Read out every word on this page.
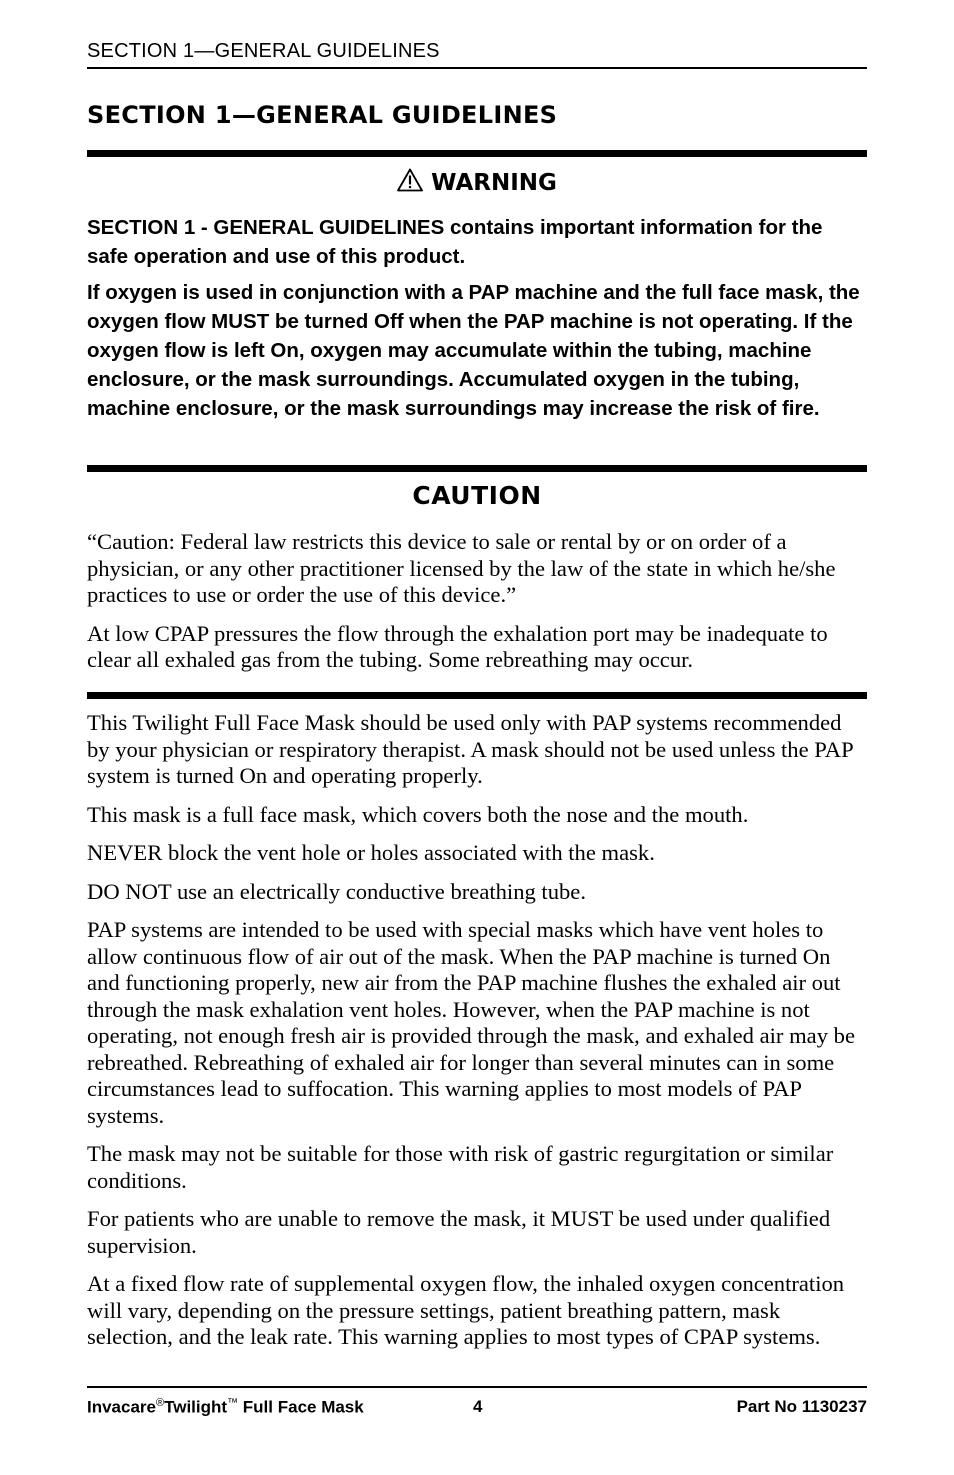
SECTION 1—GENERAL GUIDELINES
SECTION 1—GENERAL GUIDELINES
WARNING

SECTION 1 - GENERAL GUIDELINES contains important information for the safe operation and use of this product.

If oxygen is used in conjunction with a PAP machine and the full face mask, the oxygen flow MUST be turned Off when the PAP machine is not operating. If the oxygen flow is left On, oxygen may accumulate within the tubing, machine enclosure, or the mask surroundings. Accumulated oxygen in the tubing, machine enclosure, or the mask surroundings may increase the risk of fire.

CAUTION

“Caution: Federal law restricts this device to sale or rental by or on order of a physician, or any other practitioner licensed by the law of the state in which he/she practices to use or order the use of this device.”

At low CPAP pressures the flow through the exhalation port may be inadequate to clear all exhaled gas from the tubing. Some rebreathing may occur.

This Twilight Full Face Mask should be used only with PAP systems recommended by your physician or respiratory therapist. A mask should not be used unless the PAP system is turned On and operating properly.

This mask is a full face mask, which covers both the nose and the mouth.

NEVER block the vent hole or holes associated with the mask.

DO NOT use an electrically conductive breathing tube.

PAP systems are intended to be used with special masks which have vent holes to allow continuous flow of air out of the mask. When the PAP machine is turned On and functioning properly, new air from the PAP machine flushes the exhaled air out through the mask exhalation vent holes. However, when the PAP machine is not operating, not enough fresh air is provided through the mask, and exhaled air may be rebreathed. Rebreathing of exhaled air for longer than several minutes can in some circumstances lead to suffocation. This warning applies to most models of PAP systems.

The mask may not be suitable for those with risk of gastric regurgitation or similar conditions.

For patients who are unable to remove the mask, it MUST be used under qualified supervision.

At a fixed flow rate of supplemental oxygen flow, the inhaled oxygen concentration will vary, depending on the pressure settings, patient breathing pattern, mask selection, and the leak rate. This warning applies to most types of CPAP systems.

Invacare®Twilight™ Full Face Mask	4	Part No 1130237
